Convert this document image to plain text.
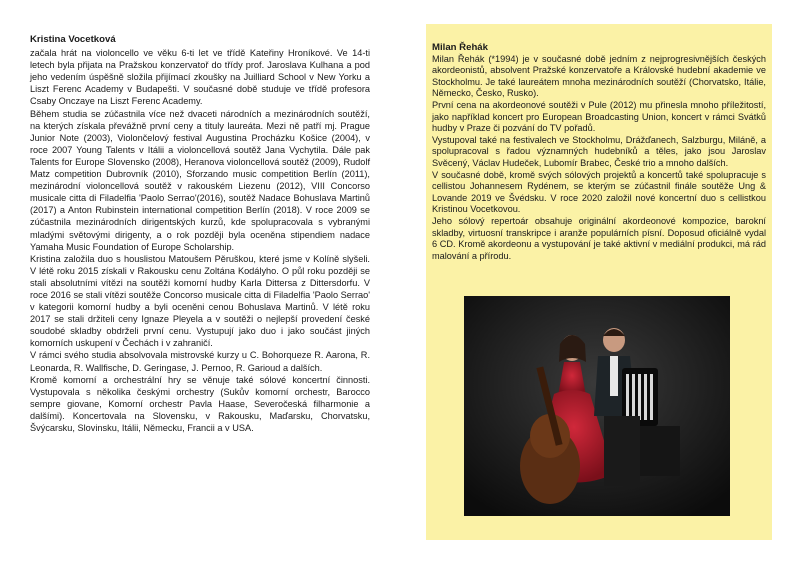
Kristina Vocetková

začala hrát na violoncello ve věku 6-ti let ve třídě Kateřiny Hroníkové. Ve 14-ti letech byla přijata na Pražskou konzervatoř do třídy prof. Jaroslava Kulhana a pod jeho vedením úspěšně složila přijímací zkoušky na Juilliard School v New Yorku a Liszt Ferenc Academy v Budapešti. V současné době studuje ve třídě profesora Csaby Onczaye na Liszt Ferenc Academy.

Během studia se zúčastnila více než dvaceti národních a mezinárodních soutěží, na kterých získala převážně první ceny a tituly laureáta. Mezi ně patří mj. Prague Junior Note (2003), Violončelový festival Augustina Procházku Košice (2004), v roce 2007 Young Talents v Itálii a violoncellová soutěž Jana Vychytila. Dále pak Talents for Europe Slovensko (2008), Heranova violoncellová soutěž (2009), Rudolf Matz competition Dubrovník (2010), Sforzando music competition Berlín (2011), mezinárodní violoncellová soutěž v rakouském Liezenu (2012), VIII Concorso musicale citta di Filadelfia 'Paolo Serrao'(2016), soutěž Nadace Bohuslava Martinů (2017) a Anton Rubinstein international competition Berlín (2018). V roce 2009 se zúčastnila mezinárodních dirigentských kurzů, kde spolupracovala s vybranými mladými světovými dirigenty, a o rok později byla oceněna stipendiem nadace Yamaha Music Foundation of Europe Scholarship.

Kristina založila duo s houslistou Matoušem Pěruškou, které jsme v Kolíně slyšeli. V létě roku 2015 získali v Rakousku cenu Zoltána Kodályho. O půl roku později se stali absolutními vítězi na soutěži komorní hudby Karla Dittersa z Dittersdorfu. V roce 2016 se stali vítězi soutěže Concorso musicale citta di Filadelfia 'Paolo Serrao' v kategorii komorní hudby a byli oceněni cenou Bohuslava Martinů. V létě roku 2017 se stali držiteli ceny Ignaze Pleyela a v soutěži o nejlepší provedení české soudobé skladby obdrželi první cenu. Vystupují jako duo i jako součást jiných komorních uskupení v Čechách i v zahraničí.

V rámci svého studia absolvovala mistrovské kurzy u C. Bohorqueze R. Aarona, R. Leonarda, R. Wallfische, D. Geringase, J. Pernoo, R. Garioud a dalších.

Kromě komorní a orchestrální hry se věnuje také sólové koncertní činnosti. Vystupovala s několika českými orchestry (Sukův komorní orchestr, Barocco sempre giovane, Komorní orchestr Pavla Haase, Severočeská filharmonie a dalšími). Koncertovala na Slovensku, v Rakousku, Maďarsku, Chorvatsku, Švýcarsku, Slovinsku, Itálii, Německu, Francii a v USA.

Milan Řehák

Milan Řehák (*1994) je v současné době jedním z nejprogresivnějších českých akordeonistů, absolvent Pražské konzervatoře a Královské hudební akademie ve Stockholmu. Je také laureátem mnoha mezinárodních soutěží (Chorvatsko, Itálie, Německo, Česko, Rusko).

První cena na akordeonové soutěži v Pule (2012) mu přinesla mnoho příležitostí, jako například koncert pro European Broadcasting Union, koncert v rámci Svátků hudby v Praze či pozvání do TV pořadů.

Vystupoval také na festivalech ve Stockholmu, Drážďanech, Salzburgu, Miláně, a spolupracoval s řadou významných hudebníků a těles, jako jsou Jaroslav Svěcený, Václav Hudeček, Lubomír Brabec, České trio a mnoho dalších.

V současné době, kromě svých sólových projektů a koncertů také spolupracuje s cellistou Johannesem Rydénem, se kterým se zúčastnil finále soutěže Ung & Lovande 2019 ve Švédsku. V roce 2020 založil nové koncertní duo s cellistkou Kristinou Vocetkovou.

Jeho sólový repertoár obsahuje originální akordeonové kompozice, barokní skladby, virtuosní transkripce i aranže populárních písní. Doposud oficiálně vydal 6 CD. Kromě akordeonu a vystupování je také aktivní v mediální produkci, má rád malování a přírodu.
